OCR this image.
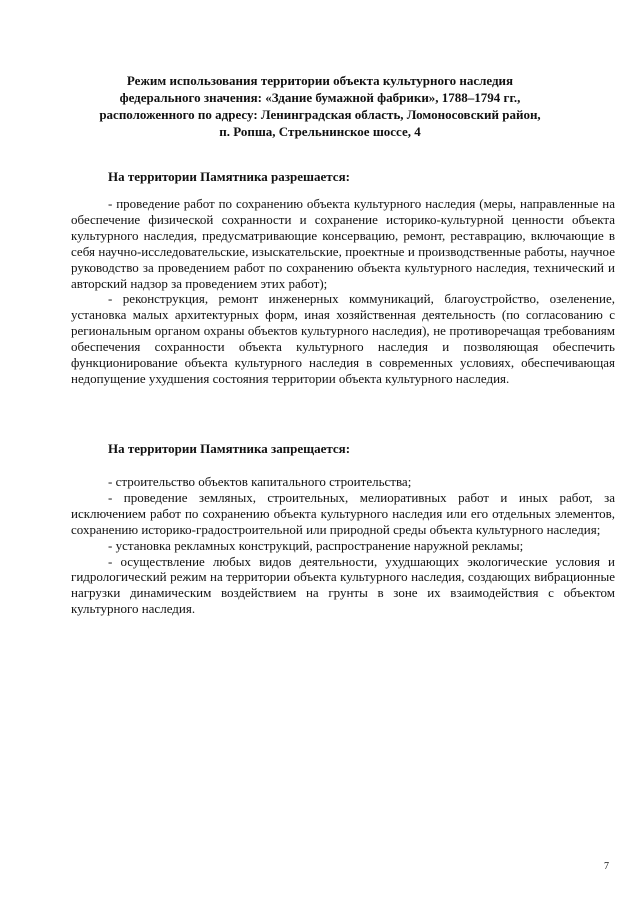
Режим использования территории объекта культурного наследия
федерального значения: «Здание бумажной фабрики», 1788–1794 гг.,
расположенного по адресу: Ленинградская область, Ломоносовский район,
п. Ропша, Стрельнинское шоссе, 4
На территории Памятника разрешается:

- проведение работ по сохранению объекта культурного наследия (меры, направленные на обеспечение физической сохранности и сохранение историко-культурной ценности объекта культурного наследия, предусматривающие консервацию, ремонт, реставрацию, включающие в себя научно-исследовательские, изыскательские, проектные и производственные работы, научное руководство за проведением работ по сохранению объекта культурного наследия, технический и авторский надзор за проведением этих работ);

- реконструкция, ремонт инженерных коммуникаций, благоустройство, озеленение, установка малых архитектурных форм, иная хозяйственная деятельность (по согласованию с региональным органом охраны объектов культурного наследия), не противоречащая требованиям обеспечения сохранности объекта культурного наследия и позволяющая обеспечить функционирование объекта культурного наследия в современных условиях, обеспечивающая недопущение ухудшения состояния территории объекта культурного наследия.

На территории Памятника запрещается:

- строительство объектов капитального строительства;

- проведение земляных, строительных, мелиоративных работ и иных работ, за исключением работ по сохранению объекта культурного наследия или его отдельных элементов, сохранению историко-градостроительной или природной среды объекта культурного наследия;

- установка рекламных конструкций, распространение наружной рекламы;

- осуществление любых видов деятельности, ухудшающих экологические условия и гидрологический режим на территории объекта культурного наследия, создающих вибрационные нагрузки динамическим воздействием на грунты в зоне их взаимодействия с объектом культурного наследия.

7
